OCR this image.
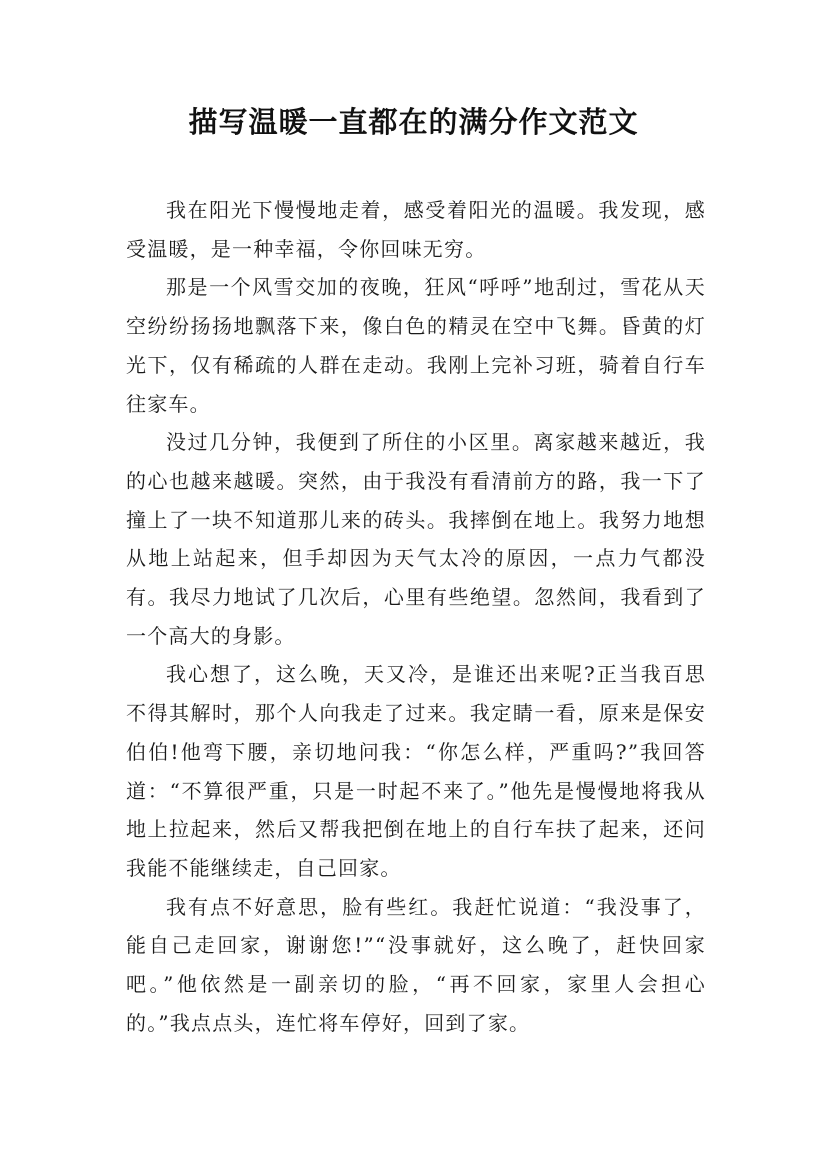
描写温暖一直都在的满分作文范文

我在阳光下慢慢地走着，感受着阳光的温暖。我发现，感受温暖，是一种幸福，令你回味无穷。

那是一个风雪交加的夜晚，狂风“呼呼”地刮过，雪花从天空纷纷扬扬地飘落下来，像白色的精灵在空中飞舞。昏黄的灯光下，仅有稀疏的人群在走动。我刚上完补习班，骑着自行车往家车。

没过几分钟，我便到了所住的小区里。离家越来越近，我的心也越来越暖。突然，由于我没有看清前方的路，我一下了撞上了一块不知道那儿来的砖头。我摔倒在地上。我努力地想从地上站起来，但手却因为天气太冷的原因，一点力气都没有。我尽力地试了几次后，心里有些绝望。忽然间，我看到了一个高大的身影。

我心想了，这么晚，天又冷，是谁还出来呢?正当我百思不得其解时，那个人向我走了过来。我定睛一看，原来是保安伯伯!他弯下腰，亲切地问我：“你怎么样，严重吗?”我回答道：“不算很严重，只是一时起不来了。”他先是慢慢地将我从地上拉起来，然后又帮我把倒在地上的自行车扶了起来，还问我能不能继续走，自己回家。

我有点不好意思，脸有些红。我赶忙说道：“我没事了，能自己走回家，谢谢您!”“没事就好，这么晚了，赶快回家吧。”他依然是一副亲切的脸，“再不回家，家里人会担心的。”我点点头，连忙将车停好，回到了家。
